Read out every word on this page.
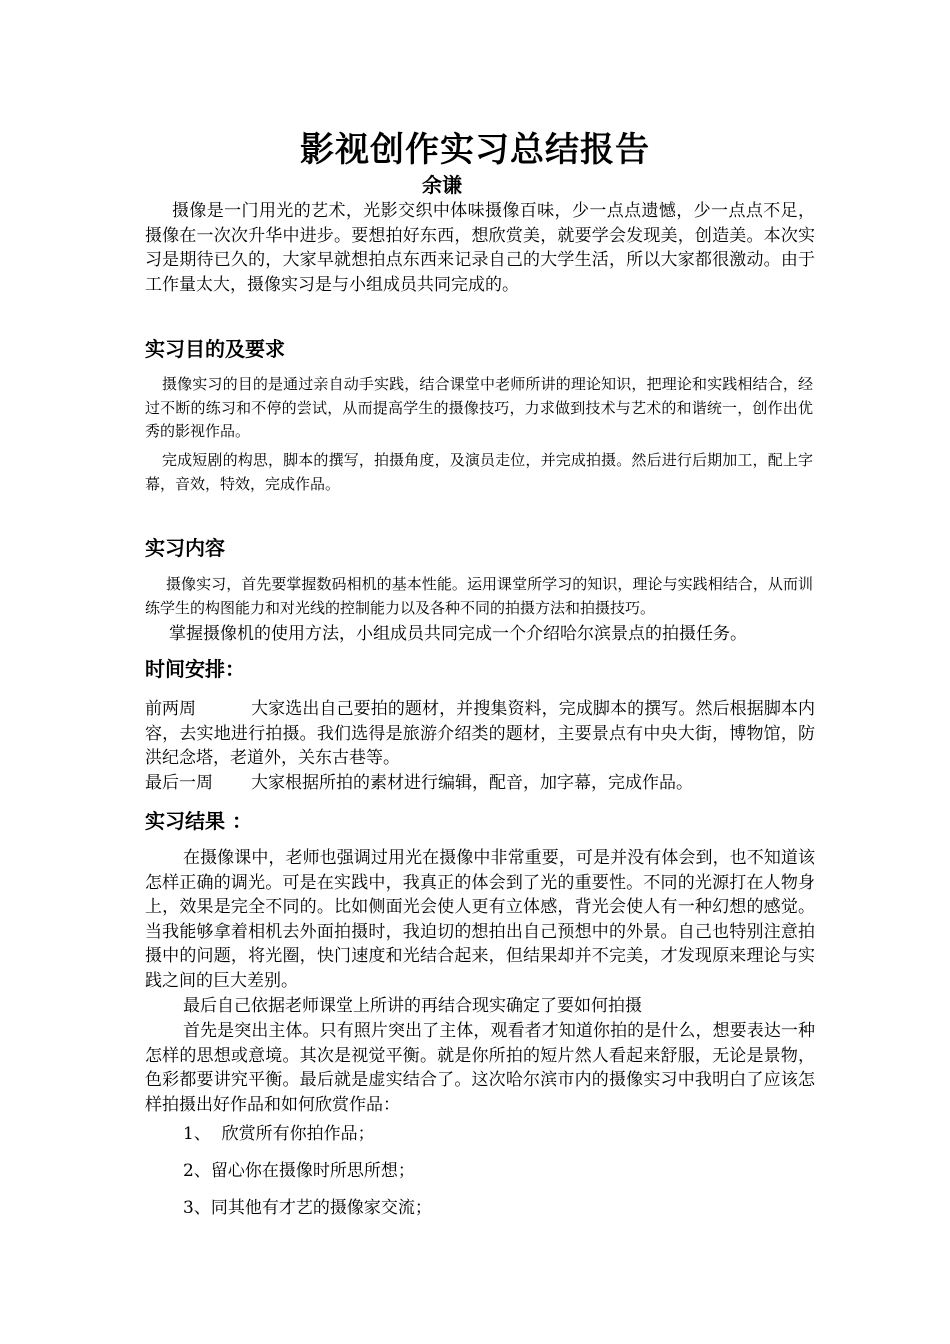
影视创作实习总结报告
余谦

摄像是一门用光的艺术，光影交织中体味摄像百味，少一点点遗憾，少一点点不足，摄像在一次次升华中进步。要想拍好东西，想欣赏美，就要学会发现美，创造美。本次实习是期待已久的，大家早就想拍点东西来记录自己的大学生活，所以大家都很激动。由于工作量太大，摄像实习是与小组成员共同完成的。

实习目的及要求

摄像实习的目的是通过亲自动手实践，结合课堂中老师所讲的理论知识，把理论和实践相结合，经过不断的练习和不停的尝试，从而提高学生的摄像技巧，力求做到技术与艺术的和谐统一，创作出优秀的影视作品。

完成短剧的构思，脚本的撰写，拍摄角度，及演员走位，并完成拍摄。然后进行后期加工，配上字幕，音效，特效，完成作品。

实习内容

摄像实习，首先要掌握数码相机的基本性能。运用课堂所学习的知识，理论与实践相结合，从而训练学生的构图能力和对光线的控制能力以及各种不同的拍摄方法和拍摄技巧。

掌握摄像机的使用方法，小组成员共同完成一个介绍哈尔滨景点的拍摄任务。

时间安排：

前两周	大家选出自己要拍的题材，并搜集资料，完成脚本的撰写。然后根据脚本内容，去实地进行拍摄。我们选得是旅游介绍类的题材，主要景点有中央大街，博物馆，防洪纪念塔，老道外，关东古巷等。

最后一周 大家根据所拍的素材进行编辑，配音，加字幕，完成作品。

实习结果 ：

在摄像课中，老师也强调过用光在摄像中非常重要，可是并没有体会到，也不知道该怎样正确的调光。可是在实践中，我真正的体会到了光的重要性。不同的光源打在人物身上，效果是完全不同的。比如侧面光会使人更有立体感，背光会使人有一种幻想的感觉。当我能够拿着相机去外面拍摄时，我迫切的想拍出自己预想中的外景。自己也特别注意拍摄中的问题，将光圈，快门速度和光结合起来，但结果却并不完美，才发现原来理论与实践之间的巨大差别。

最后自己依据老师课堂上所讲的再结合现实确定了要如何拍摄

首先是突出主体。只有照片突出了主体，观看者才知道你拍的是什么，想要表达一种怎样的思想或意境。其次是视觉平衡。就是你所拍的短片然人看起来舒服，无论是景物，色彩都要讲究平衡。最后就是虚实结合了。这次哈尔滨市内的摄像实习中我明白了应该怎样拍摄出好作品和如何欣赏作品：

1、  欣赏所有你拍作品；
2、留心你在摄像时所思所想；
3、同其他有才艺的摄像家交流；
